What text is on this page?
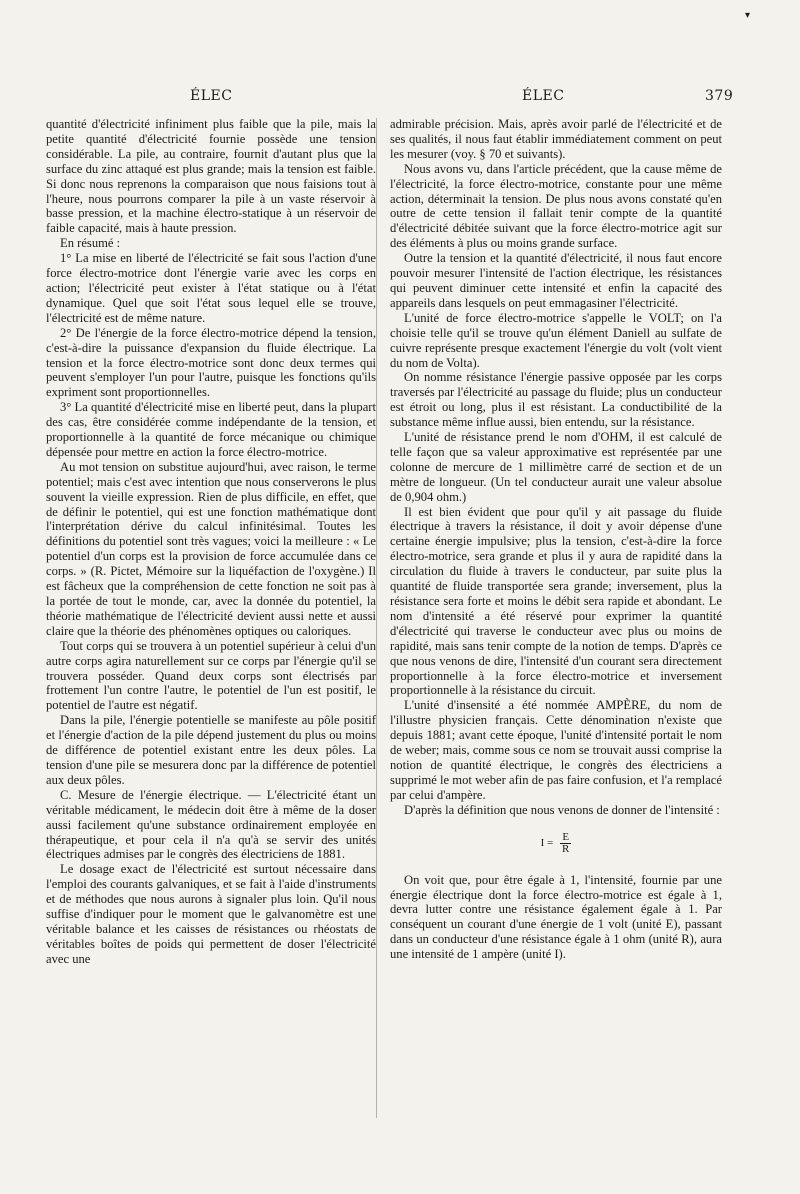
▾
ÉLEC	ÉLEC	379

quantité d'électricité infiniment plus faible que la pile, mais la petite quantité d'électricité fournie possède une tension considérable. La pile, au contraire, fournit d'autant plus que la surface du zinc attaqué est plus grande; mais la tension est faible. Si donc nous reprenons la comparaison que nous faisions tout à l'heure, nous pourrons comparer la pile à un vaste réservoir à basse pression, et la machine électro-statique à un réservoir de faible capacité, mais à haute pression.

En résumé :

1° La mise en liberté de l'électricité se fait sous l'action d'une force électro-motrice dont l'énergie varie avec les corps en action; l'électricité peut exister à l'état statique ou à l'état dynamique. Quel que soit l'état sous lequel elle se trouve, l'électricité est de même nature.

2° De l'énergie de la force électro-motrice dépend la tension, c'est-à-dire la puissance d'expansion du fluide électrique. La tension et la force électro-motrice sont donc deux termes qui peuvent s'employer l'un pour l'autre, puisque les fonctions qu'ils expriment sont proportionnelles.

3° La quantité d'électricité mise en liberté peut, dans la plupart des cas, être considérée comme indépendante de la tension, et proportionnelle à la quantité de force mécanique ou chimique dépensée pour mettre en action la force électro-motrice.

Au mot tension on substitue aujourd'hui, avec raison, le terme potentiel; mais c'est avec intention que nous conserverons le plus souvent la vieille expression. Rien de plus difficile, en effet, que de définir le potentiel, qui est une fonction mathématique dont l'interprétation dérive du calcul infinitésimal. Toutes les définitions du potentiel sont très vagues; voici la meilleure : « Le potentiel d'un corps est la provision de force accumulée dans ce corps. » (R. Pictet, Mémoire sur la liquéfaction de l'oxygène.) Il est fâcheux que la compréhension de cette fonction ne soit pas à la portée de tout le monde, car, avec la donnée du potentiel, la théorie mathématique de l'électricité devient aussi nette et aussi claire que la théorie des phénomènes optiques ou caloriques.

Tout corps qui se trouvera à un potentiel supérieur à celui d'un autre corps agira naturellement sur ce corps par l'énergie qu'il se trouvera posséder. Quand deux corps sont électrisés par frottement l'un contre l'autre, le potentiel de l'un est positif, le potentiel de l'autre est négatif.

Dans la pile, l'énergie potentielle se manifeste au pôle positif et l'énergie d'action de la pile dépend justement du plus ou moins de différence de potentiel existant entre les deux pôles. La tension d'une pile se mesurera donc par la différence de potentiel aux deux pôles.

C. Mesure de l'énergie électrique. — L'électricité étant un véritable médicament, le médecin doit être à même de la doser aussi facilement qu'une substance ordinairement employée en thérapeutique, et pour cela il n'a qu'à se servir des unités électriques admises par le congrès des électriciens de 1881.

Le dosage exact de l'électricité est surtout nécessaire dans l'emploi des courants galvaniques, et se fait à l'aide d'instruments et de méthodes que nous aurons à signaler plus loin. Qu'il nous suffise d'indiquer pour le moment que le galvanomètre est une véritable balance et les caisses de résistances ou rhéostats de véritables boîtes de poids qui permettent de doser l'électricité avec une

admirable précision. Mais, après avoir parlé de l'électricité et de ses qualités, il nous faut établir immédiatement comment on peut les mesurer (voy. § 70 et suivants).

Nous avons vu, dans l'article précédent, que la cause même de l'électricité, la force électro-motrice, constante pour une même action, déterminait la tension. De plus nous avons constaté qu'en outre de cette tension il fallait tenir compte de la quantité d'électricité débitée suivant que la force électro-motrice agit sur des éléments à plus ou moins grande surface.

Outre la tension et la quantité d'électricité, il nous faut encore pouvoir mesurer l'intensité de l'action électrique, les résistances qui peuvent diminuer cette intensité et enfin la capacité des appareils dans lesquels on peut emmagasiner l'électricité.

L'unité de force électro-motrice s'appelle le VOLT; on l'a choisie telle qu'il se trouve qu'un élément Daniell au sulfate de cuivre représente presque exactement l'énergie du volt (volt vient du nom de Volta).

On nomme résistance l'énergie passive opposée par les corps traversés par l'électricité au passage du fluide; plus un conducteur est étroit ou long, plus il est résistant. La conductibilité de la substance même influe aussi, bien entendu, sur la résistance.

L'unité de résistance prend le nom d'OHM, il est calculé de telle façon que sa valeur approximative est représentée par une colonne de mercure de 1 millimètre carré de section et de un mètre de longueur. (Un tel conducteur aurait une valeur absolue de 0,904 ohm.)

Il est bien évident que pour qu'il y ait passage du fluide électrique à travers la résistance, il doit y avoir dépense d'une certaine énergie impulsive; plus la tension, c'est-à-dire la force électro-motrice, sera grande et plus il y aura de rapidité dans la circulation du fluide à travers le conducteur, par suite plus la quantité de fluide transportée sera grande; inversement, plus la résistance sera forte et moins le débit sera rapide et abondant. Le nom d'intensité a été réservé pour exprimer la quantité d'électricité qui traverse le conducteur avec plus ou moins de rapidité, mais sans tenir compte de la notion de temps. D'après ce que nous venons de dire, l'intensité d'un courant sera directement proportionnelle à la force électro-motrice et inversement proportionnelle à la résistance du circuit.

L'unité d'insensité a été nommée AMPÈRE, du nom de l'illustre physicien français. Cette dénomination n'existe que depuis 1881; avant cette époque, l'unité d'intensité portait le nom de weber; mais, comme sous ce nom se trouvait aussi comprise la notion de quantité électrique, le congrès des électriciens a supprimé le mot weber afin de pas faire confusion, et l'a remplacé par celui d'ampère.

D'après la définition que nous venons de donner de l'intensité :

$I = \frac{E}{R}$

On voit que, pour être égale à 1, l'intensité, fournie par une énergie électrique dont la force électro-motrice est égale à 1, devra lutter contre une résistance également égale à 1. Par conséquent un courant d'une énergie de 1 volt (unité E), passant dans un conducteur d'une résistance égale à 1 ohm (unité R), aura une intensité de 1 ampère (unité I).
